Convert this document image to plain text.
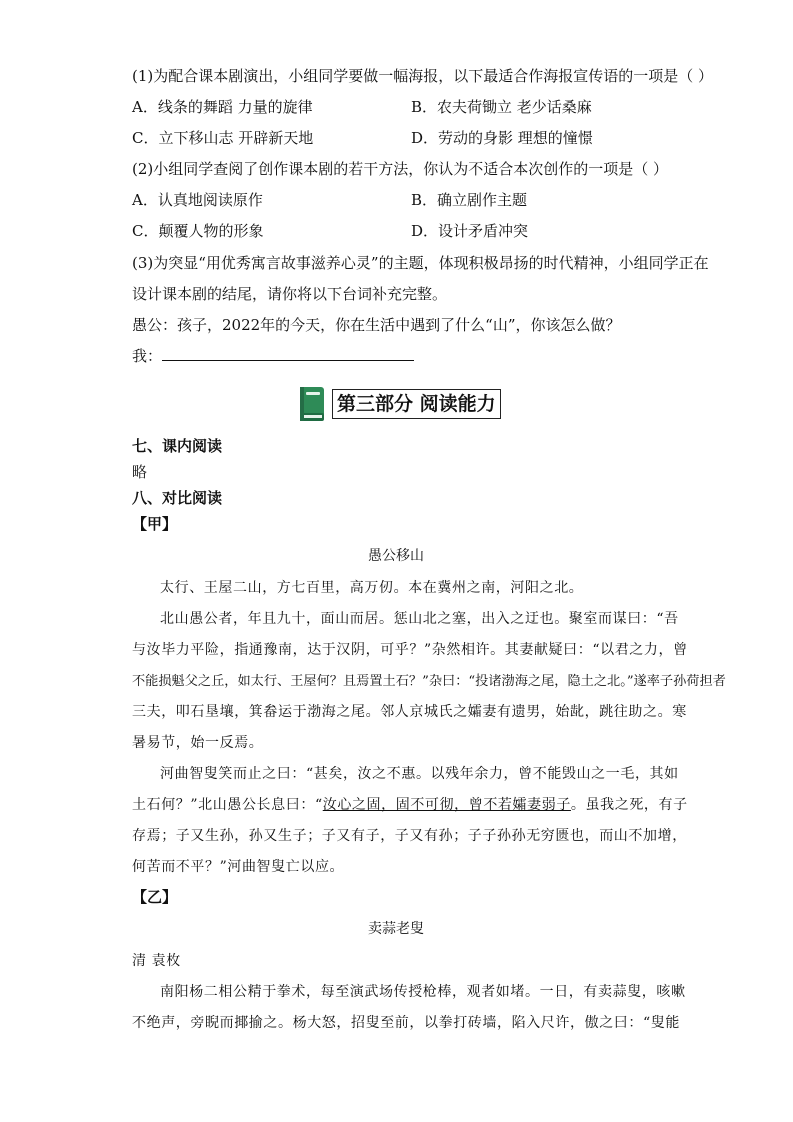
(1)为配合课本剧演出，小组同学要做一幅海报，以下最适合作海报宣传语的一项是（ ）
A．线条的舞蹈 力量的旋律	B．农夫荷锄立 老少话桑麻
C．立下移山志 开辟新天地	D．劳动的身影 理想的憧憬
(2)小组同学查阅了创作课本剧的若干方法，你认为不适合本次创作的一项是（ ）
A．认真地阅读原作	B．确立剧作主题
C．颠覆人物的形象	D．设计矛盾冲突
(3)为突显“用优秀寓言故事滋养心灵”的主题，体现积极昂扬的时代精神，小组同学正在
设计课本剧的结尾，请你将以下台词补充完整。
愚公：孩子，2022年的今天，你在生活中遇到了什么“山”，你该怎么做？
我：
第三部分 阅读能力
七、课内阅读
略
八、对比阅读
【甲】
愚公移山
太行、王屋二山，方七百里，高万仞。本在冀州之南，河阳之北。
北山愚公者，年且九十，面山而居。惩山北之塞，出入之迂也。聚室而谋曰：“吾
与汝毕力平险，指通豫南，达于汉阴，可乎？”杂然相许。其妻献疑曰：“以君之力，曾
不能损魁父之丘，如太行、王屋何？且焉置土石？”杂曰：“投诸渤海之尾，隐土之北。”遂率子孙荷担者
三夫，叩石垦壤，箕畚运于渤海之尾。邻人京城氏之孀妻有遗男，始龀，跳往助之。寒
暑易节，始一反焉。
河曲智叟笑而止之曰：“甚矣，汝之不惠。以残年余力，曾不能毁山之一毛，其如
土石何？”北山愚公长息曰：“汝心之固，固不可彻，曾不若孀妻弱子。虽我之死，有子
存焉；子又生孙，孙又生子；子又有子，子又有孙；子子孙孙无穷匮也，而山不加增，
何苦而不平？”河曲智叟亡以应。
【乙】
卖蒜老叟
清 袁枚
南阳杨二相公精于拳术，每至演武场传授枪棒，观者如堵。一日，有卖蒜叟，咳嗽
不绝声，旁睨而揶揄之。杨大怒，招叟至前，以拳打砖墙，陷入尺许，傲之曰：“叟能
